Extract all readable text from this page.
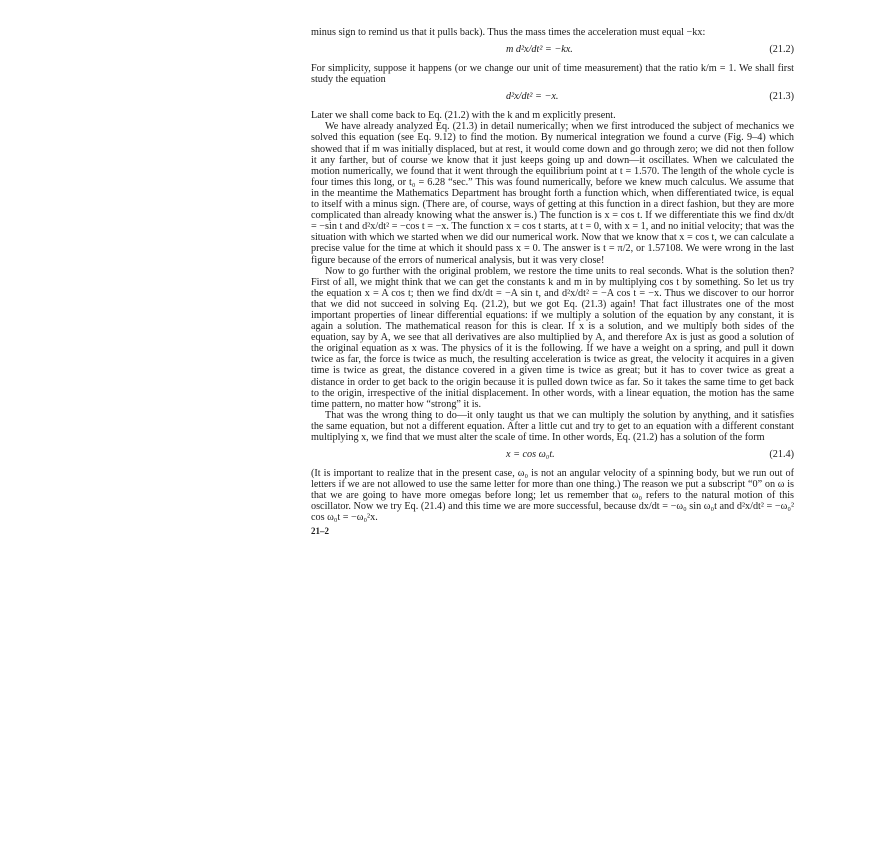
minus sign to remind us that it pulls back). Thus the mass times the acceleration must equal −kx:

m d²x/dt² = −kx.	(21.2)

For simplicity, suppose it happens (or we change our unit of time measurement) that the ratio k/m = 1. We shall first study the equation

d²x/dt² = −x.	(21.3)

Later we shall come back to Eq. (21.2) with the k and m explicitly present.

We have already analyzed Eq. (21.3) in detail numerically; when we first introduced the subject of mechanics we solved this equation (see Eq. 9.12) to find the motion. By numerical integration we found a curve (Fig. 9–4) which showed that if m was initially displaced, but at rest, it would come down and go through zero; we did not then follow it any farther, but of course we know that it just keeps going up and down—it oscillates. When we calculated the motion numerically, we found that it went through the equilibrium point at t = 1.570. The length of the whole cycle is four times this long, or t₀ = 6.28 “sec.” This was found numerically, before we knew much calculus. We assume that in the meantime the Mathematics Department has brought forth a function which, when differentiated twice, is equal to itself with a minus sign. (There are, of course, ways of getting at this function in a direct fashion, but they are more complicated than already knowing what the answer is.) The function is x = cos t. If we differentiate this we find dx/dt = −sin t and d²x/dt² = −cos t = −x. The function x = cos t starts, at t = 0, with x = 1, and no initial velocity; that was the situation with which we started when we did our numerical work. Now that we know that x = cos t, we can calculate a precise value for the time at which it should pass x = 0. The answer is t = π/2, or 1.57108. We were wrong in the last figure because of the errors of numerical analysis, but it was very close!

Now to go further with the original problem, we restore the time units to real seconds. What is the solution then? First of all, we might think that we can get the constants k and m in by multiplying cos t by something. So let us try the equation x = A cos t; then we find dx/dt = −A sin t, and d²x/dt² = −A cos t = −x. Thus we discover to our horror that we did not succeed in solving Eq. (21.2), but we got Eq. (21.3) again! That fact illustrates one of the most important properties of linear differential equations: if we multiply a solution of the equation by any constant, it is again a solution. The mathematical reason for this is clear. If x is a solution, and we multiply both sides of the equation, say by A, we see that all derivatives are also multiplied by A, and therefore Ax is just as good a solution of the original equation as x was. The physics of it is the following. If we have a weight on a spring, and pull it down twice as far, the force is twice as much, the resulting acceleration is twice as great, the velocity it acquires in a given time is twice as great, the distance covered in a given time is twice as great; but it has to cover twice as great a distance in order to get back to the origin because it is pulled down twice as far. So it takes the same time to get back to the origin, irrespective of the initial displacement. In other words, with a linear equation, the motion has the same time pattern, no matter how “strong” it is.

That was the wrong thing to do—it only taught us that we can multiply the solution by anything, and it satisfies the same equation, but not a different equation. After a little cut and try to get to an equation with a different constant multiplying x, we find that we must alter the scale of time. In other words, Eq. (21.2) has a solution of the form

x = cos ω₀t.	(21.4)

(It is important to realize that in the present case, ω₀ is not an angular velocity of a spinning body, but we run out of letters if we are not allowed to use the same letter for more than one thing.) The reason we put a subscript “0” on ω is that we are going to have more omegas before long; let us remember that ω₀ refers to the natural motion of this oscillator. Now we try Eq. (21.4) and this time we are more successful, because dx/dt = −ω₀ sin ω₀t and d²x/dt² = −ω₀² cos ω₀t = −ω₀²x.

21–2
